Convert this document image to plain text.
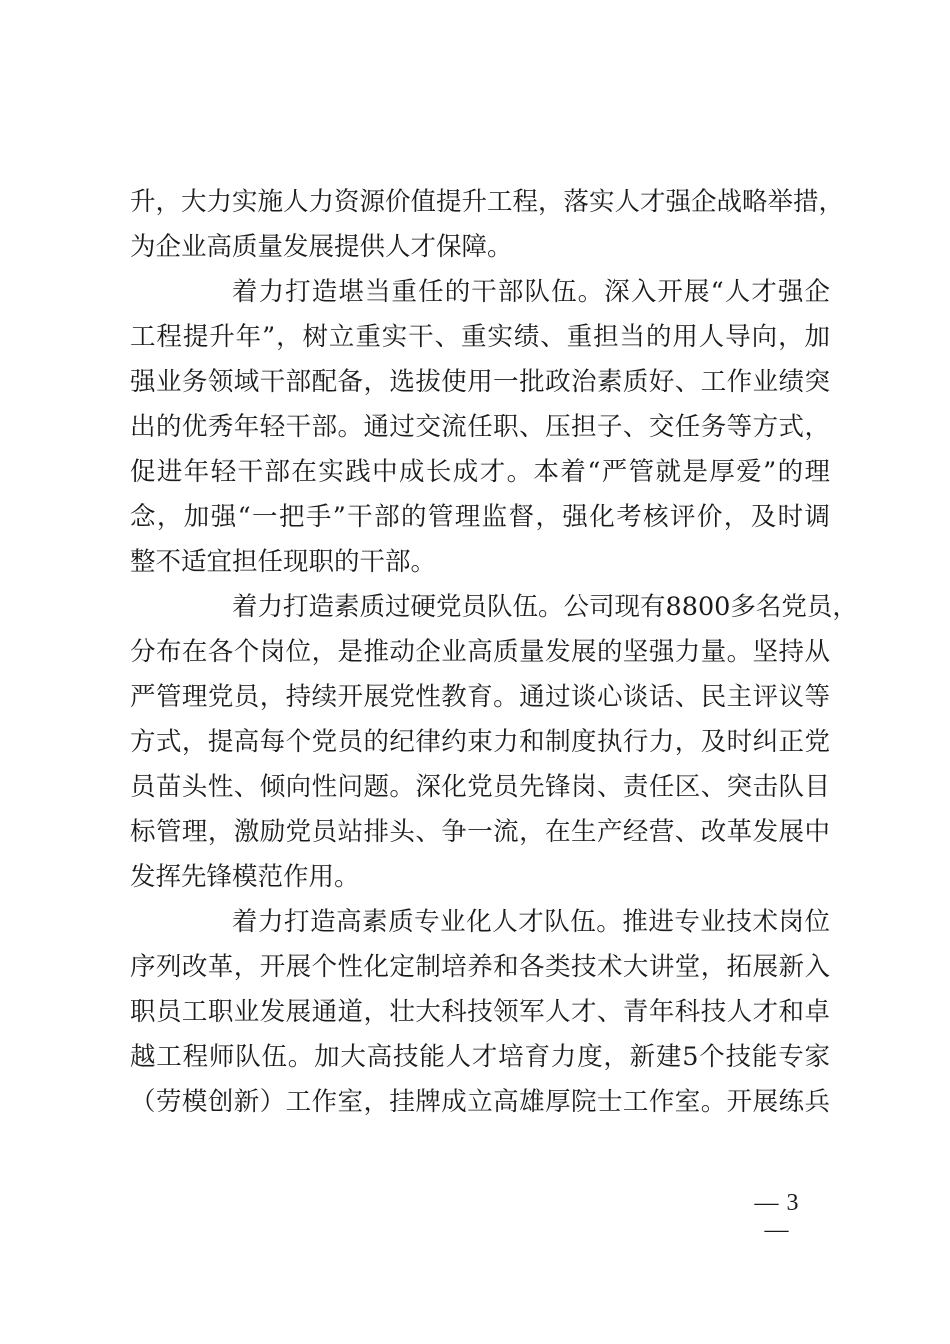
升，大力实施人力资源价值提升工程，落实人才强企战略举措，
为企业高质量发展提供人才保障。
着力打造堪当重任的干部队伍。深入开展“人才强企
工程提升年”，树立重实干、重实绩、重担当的用人导向，加
强业务领域干部配备，选拔使用一批政治素质好、工作业绩突
出的优秀年轻干部。通过交流任职、压担子、交任务等方式，
促进年轻干部在实践中成长成才。本着“严管就是厚爱”的理
念，加强“一把手”干部的管理监督，强化考核评价，及时调
整不适宜担任现职的干部。
着力打造素质过硬党员队伍。公司现有8800多名党员，
分布在各个岗位，是推动企业高质量发展的坚强力量。坚持从
严管理党员，持续开展党性教育。通过谈心谈话、民主评议等
方式，提高每个党员的纪律约束力和制度执行力，及时纠正党
员苗头性、倾向性问题。深化党员先锋岗、责任区、突击队目
标管理，激励党员站排头、争一流，在生产经营、改革发展中
发挥先锋模范作用。
着力打造高素质专业化人才队伍。推进专业技术岗位
序列改革，开展个性化定制培养和各类技术大讲堂，拓展新入
职员工职业发展通道，壮大科技领军人才、青年科技人才和卓
越工程师队伍。加大高技能人才培育力度，新建5个技能专家
（劳模创新）工作室，挂牌成立高雄厚院士工作室。开展练兵
— 3 —
